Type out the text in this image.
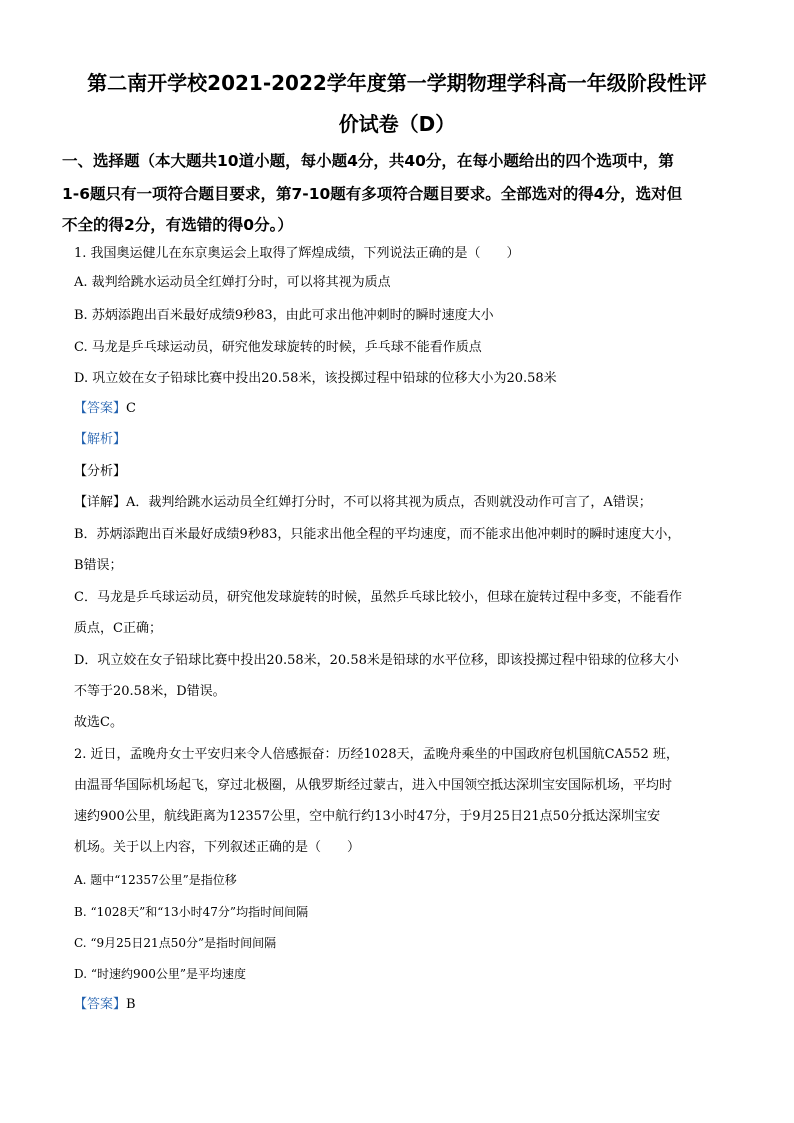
第二南开学校2021-2022学年度第一学期物理学科高一年级阶段性评
价试卷（D）
一、选择题（本大题共10道小题，每小题4分，共40分，在每小题给出的四个选项中，第
1-6题只有一项符合题目要求，第7-10题有多项符合题目要求。全部选对的得4分，选对但
不全的得2分，有选错的得0分。）
1. 我国奥运健儿在东京奥运会上取得了辉煌成绩，下列说法正确的是（　　）
A. 裁判给跳水运动员全红婵打分时，可以将其视为质点
B. 苏炳添跑出百米最好成绩9秒83，由此可求出他冲刺时的瞬时速度大小
C. 马龙是乒乓球运动员，研究他发球旋转的时候，乒乓球不能看作质点
D. 巩立姣在女子铅球比赛中投出20.58米，该投掷过程中铅球的位移大小为20.58米
【答案】C
【解析】
【分析】
【详解】A．裁判给跳水运动员全红婵打分时，不可以将其视为质点，否则就没动作可言了，A错误；
B．苏炳添跑出百米最好成绩9秒83，只能求出他全程的平均速度，而不能求出他冲刺时的瞬时速度大小，
B错误；
C．马龙是乒乓球运动员，研究他发球旋转的时候，虽然乒乓球比较小，但球在旋转过程中多变，不能看作
质点，C正确；
D．巩立姣在女子铅球比赛中投出20.58米，20.58米是铅球的水平位移，即该投掷过程中铅球的位移大小
不等于20.58米，D错误。
故选C。
2. 近日，孟晚舟女士平安归来令人倍感振奋：历经1028天，孟晚舟乘坐的中国政府包机国航CA552 班，
由温哥华国际机场起飞，穿过北极圈，从俄罗斯经过蒙古，进入中国领空抵达深圳宝安国际机场，平均时
速约900公里，航线距离为12357公里，空中航行约13小时47分，于9月25日21点50分抵达深圳宝安
机场。关于以上内容，下列叙述正确的是（　　）
A. 题中“12357公里”是指位移
B. “1028天”和“13小时47分”均指时间间隔
C. “9月25日21点50分”是指时间间隔
D. “时速约900公里”是平均速度
【答案】B
